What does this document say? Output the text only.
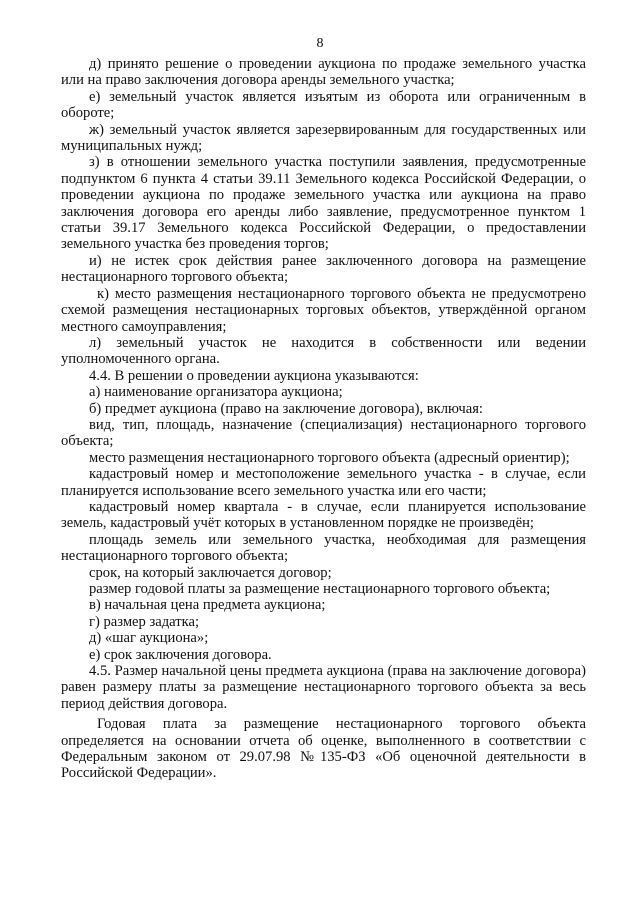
8

д) принято решение о проведении аукциона по продаже земельного участка или на право заключения договора аренды земельного участка;

е) земельный участок является изъятым из оборота или ограниченным в обороте;

ж) земельный участок является зарезервированным для государственных или муниципальных нужд;

з) в отношении земельного участка поступили заявления, предусмотренные подпунктом 6 пункта 4 статьи 39.11 Земельного кодекса Российской Федерации, о проведении аукциона по продаже земельного участка или аукциона на право заключения договора его аренды либо заявление, предусмотренное пунктом 1 статьи 39.17 Земельного кодекса Российской Федерации, о предоставлении земельного участка без проведения торгов;

и) не истек срок действия ранее заключенного договора на размещение нестационарного торгового объекта;

к) место размещения нестационарного торгового объекта не предусмотрено схемой размещения нестационарных торговых объектов, утверждённой органом местного самоуправления;

л) земельный участок не находится в собственности или ведении уполномоченного органа.

4.4. В решении о проведении аукциона указываются:

а) наименование организатора аукциона;

б) предмет аукциона (право на заключение договора), включая:

вид, тип, площадь, назначение (специализация) нестационарного торгового объекта;

место размещения нестационарного торгового объекта (адресный ориентир);

кадастровый номер и местоположение земельного участка - в случае, если планируется использование всего земельного участка или его части;

кадастровый номер квартала - в случае, если планируется использование земель, кадастровый учёт которых в установленном порядке не произведён;

площадь земель или земельного участка, необходимая для размещения нестационарного торгового объекта;

срок, на который заключается договор;

размер годовой платы за размещение нестационарного торгового объекта;

в) начальная цена предмета аукциона;

г) размер задатка;

д) «шаг аукциона»;

е) срок заключения договора.

4.5. Размер начальной цены предмета аукциона (права на заключение договора) равен размеру платы за размещение нестационарного торгового объекта за весь период действия договора.

Годовая плата за размещение нестационарного торгового объекта определяется на основании отчета об оценке, выполненного в соответствии с Федеральным законом от 29.07.98 №135-ФЗ «Об оценочной деятельности в Российской Федерации».
